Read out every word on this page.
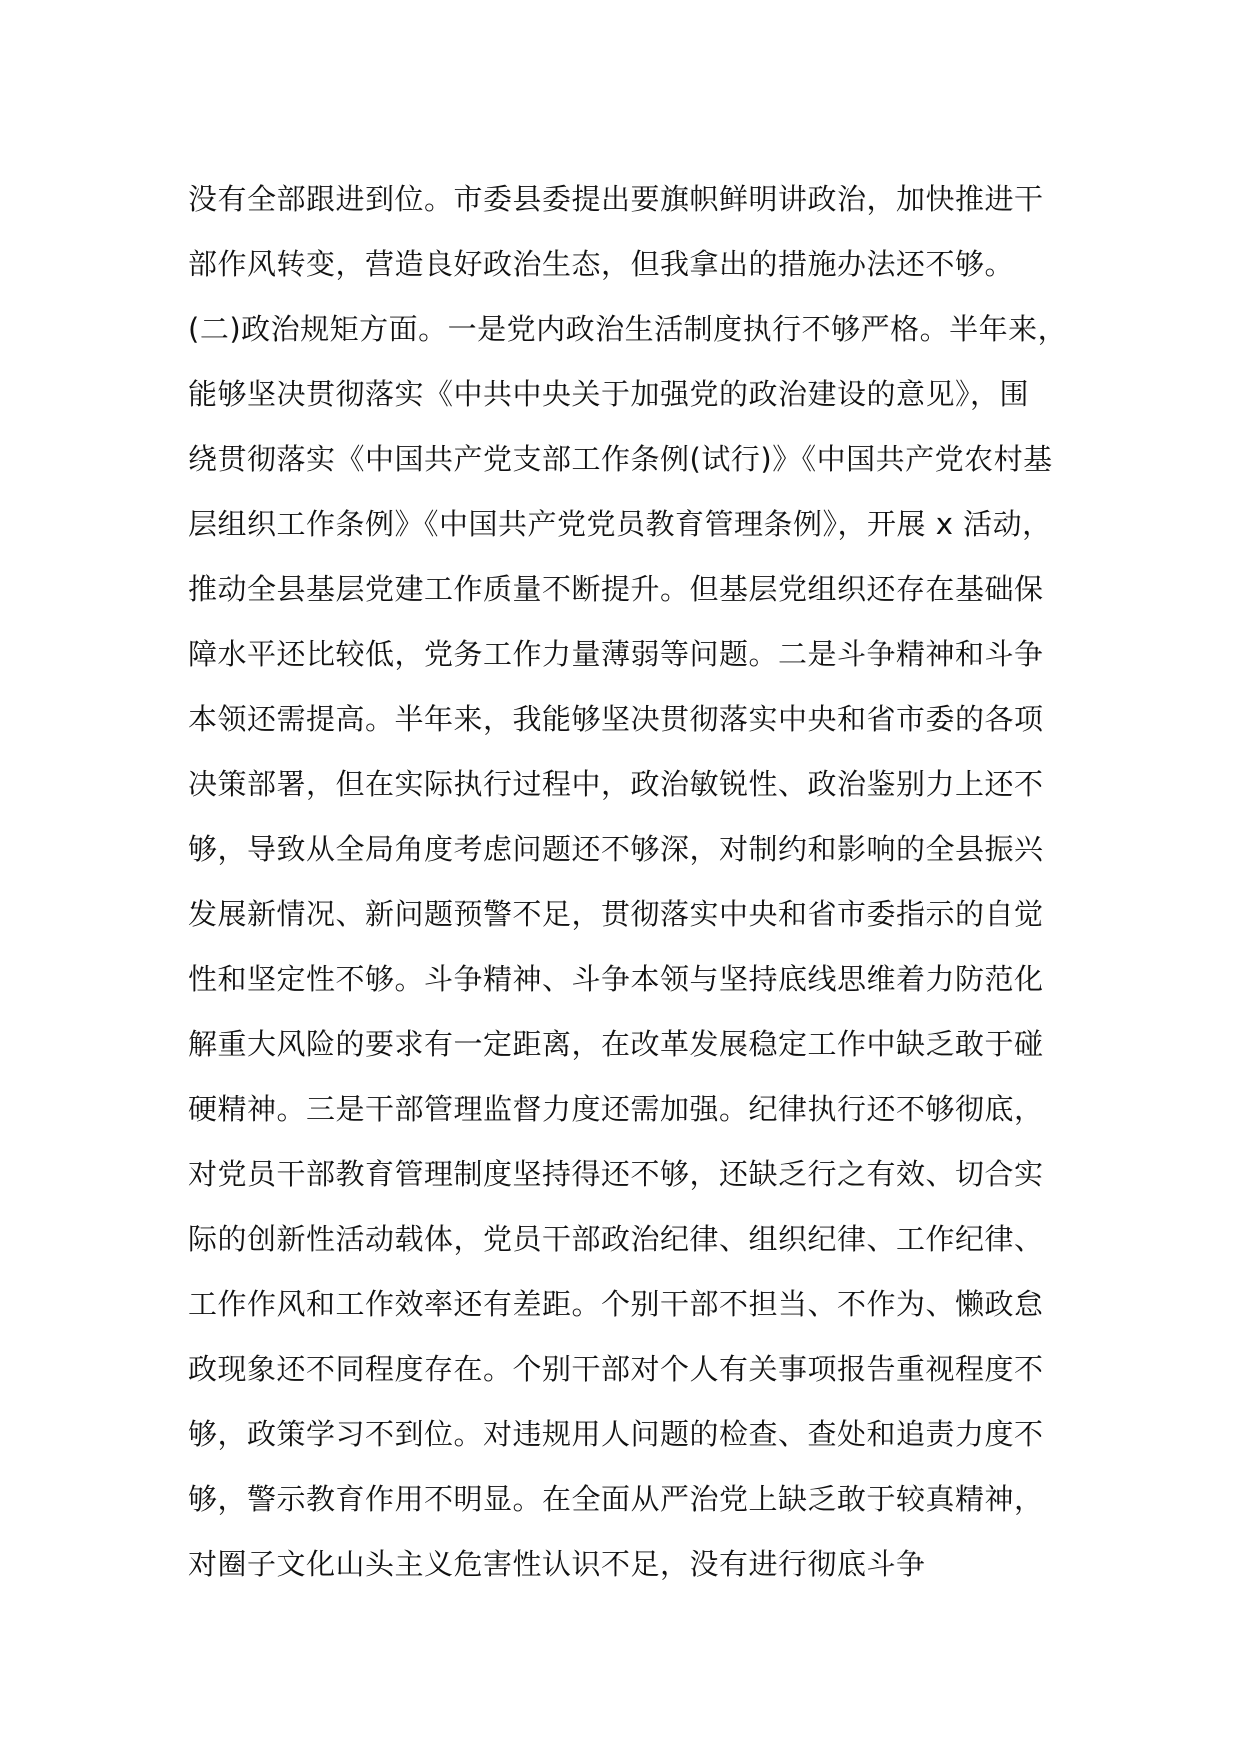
没有全部跟进到位。市委县委提出要旗帜鲜明讲政治，加快推进干
部作风转变，营造良好政治生态，但我拿出的措施办法还不够。
(二)政治规矩方面。一是党内政治生活制度执行不够严格。半年来，
能够坚决贯彻落实《中共中央关于加强党的政治建设的意见》，围
绕贯彻落实《中国共产党支部工作条例(试行)》《中国共产党农村基
层组织工作条例》《中国共产党党员教育管理条例》，开展 x 活动，
推动全县基层党建工作质量不断提升。但基层党组织还存在基础保
障水平还比较低，党务工作力量薄弱等问题。二是斗争精神和斗争
本领还需提高。半年来，我能够坚决贯彻落实中央和省市委的各项
决策部署，但在实际执行过程中，政治敏锐性、政治鉴别力上还不
够，导致从全局角度考虑问题还不够深，对制约和影响的全县振兴
发展新情况、新问题预警不足，贯彻落实中央和省市委指示的自觉
性和坚定性不够。斗争精神、斗争本领与坚持底线思维着力防范化
解重大风险的要求有一定距离，在改革发展稳定工作中缺乏敢于碰
硬精神。三是干部管理监督力度还需加强。纪律执行还不够彻底，
对党员干部教育管理制度坚持得还不够，还缺乏行之有效、切合实
际的创新性活动载体，党员干部政治纪律、组织纪律、工作纪律、
工作作风和工作效率还有差距。个别干部不担当、不作为、懒政怠
政现象还不同程度存在。个别干部对个人有关事项报告重视程度不
够，政策学习不到位。对违规用人问题的检查、查处和追责力度不
够，警示教育作用不明显。在全面从严治党上缺乏敢于较真精神，
对圈子文化山头主义危害性认识不足，没有进行彻底斗争
